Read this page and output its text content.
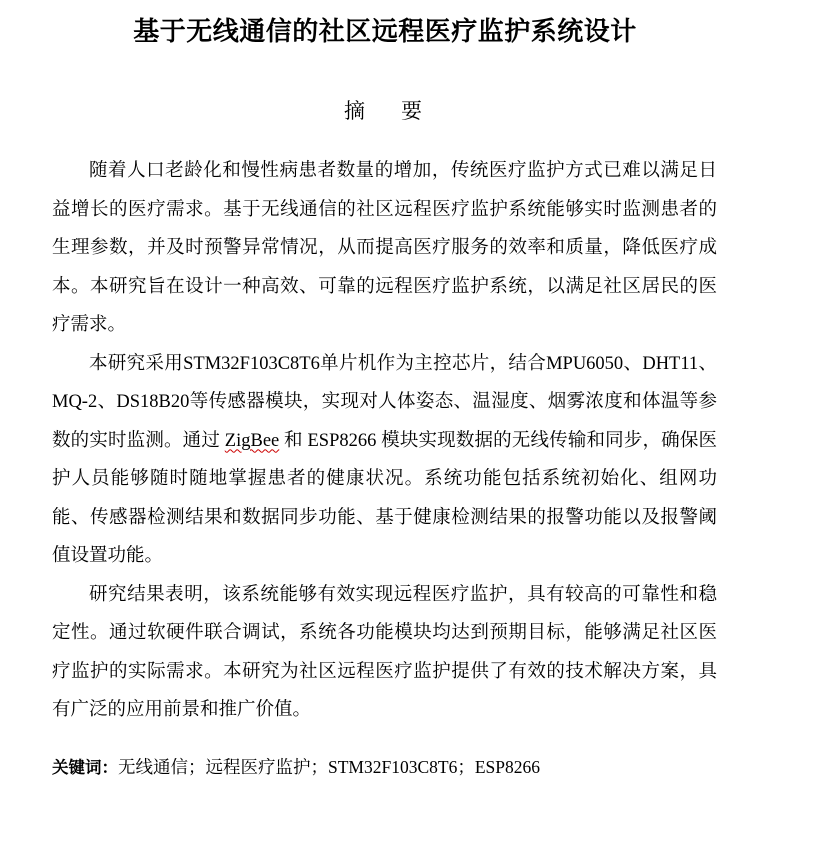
基于无线通信的社区远程医疗监护系统设计
摘 要

随着人口老龄化和慢性病患者数量的增加，传统医疗监护方式已难以满足日益增长的医疗需求。基于无线通信的社区远程医疗监护系统能够实时监测患者的生理参数，并及时预警异常情况，从而提高医疗服务的效率和质量，降低医疗成本。本研究旨在设计一种高效、可靠的远程医疗监护系统，以满足社区居民的医疗需求。

本研究采用STM32F103C8T6单片机作为主控芯片，结合MPU6050、DHT11、MQ-2、DS18B20等传感器模块，实现对人体姿态、温湿度、烟雾浓度和体温等参数的实时监测。通过 ZigBee 和 ESP8266 模块实现数据的无线传输和同步，确保医护人员能够随时随地掌握患者的健康状况。系统功能包括系统初始化、组网功能、传感器检测结果和数据同步功能、基于健康检测结果的报警功能以及报警阈值设置功能。

研究结果表明，该系统能够有效实现远程医疗监护，具有较高的可靠性和稳定性。通过软硬件联合调试，系统各功能模块均达到预期目标，能够满足社区医疗监护的实际需求。本研究为社区远程医疗监护提供了有效的技术解决方案，具有广泛的应用前景和推广价值。

关键词：无线通信；远程医疗监护；STM32F103C8T6；ESP8266
